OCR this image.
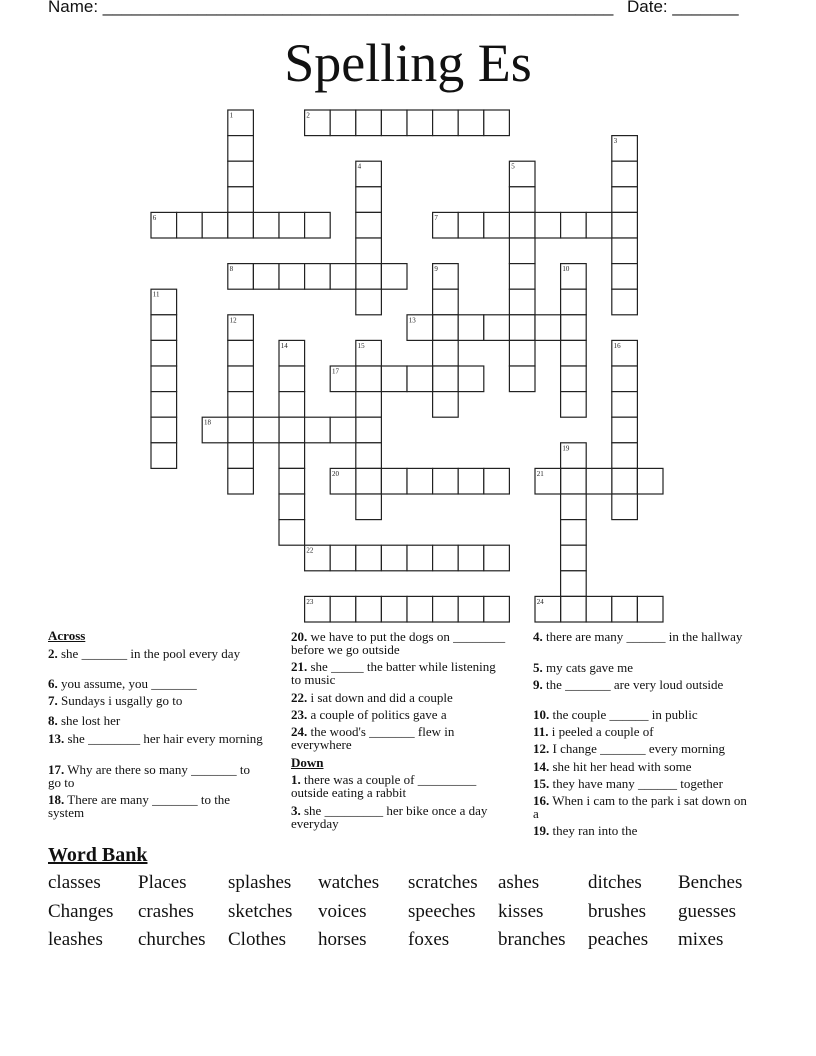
Name: ______________________________________________________ Date: _______
Spelling Es
1	2
3
4	5
6	7
8	9	10
11
12	13
14	15	16
17
18
19
20	21
22
23	24
Across
2. she _______ in the pool every day
6. you assume, you _______
7. Sundays i usgally go to
8. she lost her
13. she ________ her hair every morning
17. Why are there so many _______ to go to
18. There are many _______ to the system
20. we have to put the dogs on ________ before we go outside
21. she _____ the batter while listening to music
22. i sat down and did a couple
23. a couple of politics gave a
24. the wood's _______ flew in everywhere
Down
1. there was a couple of _________ outside eating a rabbit
3. she _________ her bike once a day everyday
4. there are many ______ in the hallway
5. my cats gave me
9. the _______ are very loud outside
10. the couple ______ in public
11. i peeled a couple of
12. I change _______ every morning
14. she hit her head with some
15. they have many ______ together
16. When i cam to the park i sat down on a
19. they ran into the
Word Bank
classes Places splashes watches scratches ashes	ditches Benches
Changes crashes sketches voices speeches kisses brushes guesses
leashes churches Clothes horses foxes	branches peaches mixes
